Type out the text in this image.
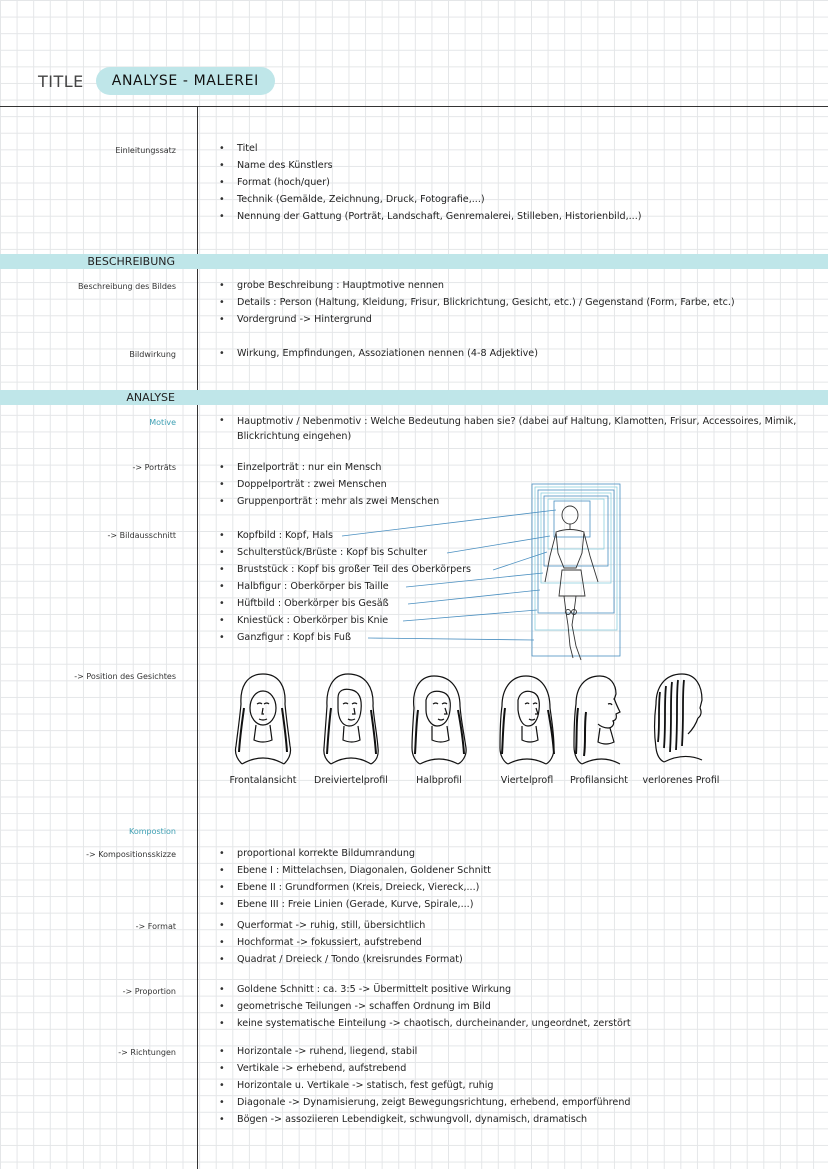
TITLE	ANALYSE - MALEREI
Einleitungssatz	• Titel
• Name des Künstlers
• Format (hoch/quer)
• Technik (Gemälde, Zeichnung, Druck, Fotografie,...)
• Nennung der Gattung (Porträt, Landschaft, Genremalerei, Stilleben, Historienbild,...)
BESCHREIBUNG
Beschreibung des Bildes	• grobe Beschreibung : Hauptmotive nennen
• Details : Person (Haltung, Kleidung, Frisur, Blickrichtung, Gesicht, etc.) / Gegenstand (Form, Farbe, etc.)
• Vordergrund -> Hintergrund
Bildwirkung	• Wirkung, Empfindungen, Assoziationen nennen (4-8 Adjektive)
ANALYSE
Motive	• Hauptmotiv / Nebenmotiv : Welche Bedeutung haben sie? (dabei auf Haltung, Klamotten, Frisur, Accessoires, Mimik, Blickrichtung eingehen)
-> Porträts	• Einzelporträt : nur ein Mensch
• Doppelporträt : zwei Menschen
• Gruppenporträt : mehr als zwei Menschen
-> Bildausschnitt	• Kopfbild : Kopf, Hals
• Schulterstück/Brüste : Kopf bis Schulter
• Bruststück : Kopf bis großer Teil des Oberkörpers
• Halbfigur : Oberkörper bis Taille
• Hüftbild : Oberkörper bis Gesäß
• Kniestück : Oberkörper bis Knie
• Ganzfigur : Kopf bis Fuß
-> Position des Gesichtes
Frontalansicht	Dreiviertelprofil	Halbprofil	Viertelprofl	Profilansicht	verlorenes Profil
Kompostion
-> Kompositionsskizze	• proportional korrekte Bildumrandung
• Ebene I : Mittelachsen, Diagonalen, Goldener Schnitt
• Ebene II : Grundformen (Kreis, Dreieck, Viereck,...)
• Ebene III : Freie Linien (Gerade, Kurve, Spirale,...)
-> Format	• Querformat -> ruhig, still, übersichtlich
• Hochformat -> fokussiert, aufstrebend
• Quadrat / Dreieck / Tondo (kreisrundes Format)
-> Proportion	• Goldene Schnitt : ca. 3:5 -> Übermittelt positive Wirkung
• geometrische Teilungen -> schaffen Ordnung im Bild
• keine systematische Einteilung -> chaotisch, durcheinander, ungeordnet, zerstört
-> Richtungen	• Horizontale -> ruhend, liegend, stabil
• Vertikale -> erhebend, aufstrebend
• Horizontale u. Vertikale -> statisch, fest gefügt, ruhig
• Diagonale -> Dynamisierung, zeigt Bewegungsrichtung, erhebend, emporführend
• Bögen -> assoziieren Lebendigkeit, schwungvoll, dynamisch, dramatisch
